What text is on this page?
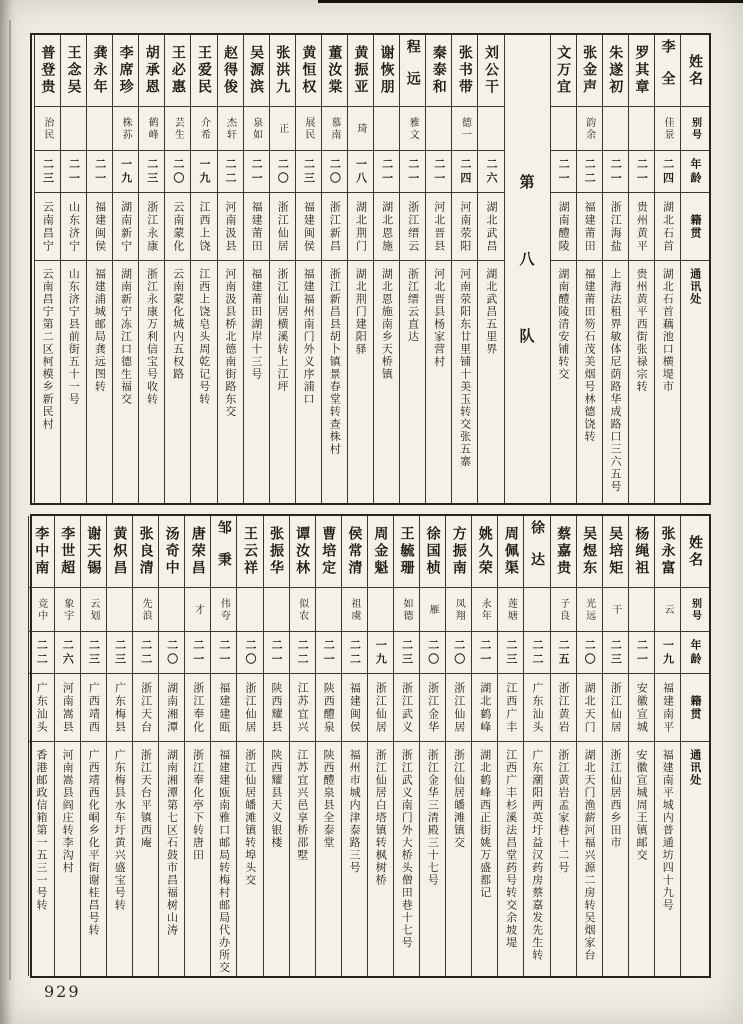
姓名
别号
年龄
籍贯
通讯处
李全
佳景
二四
湖北石首
湖北石首藕池口横堤市
罗其章
二一
贵州黄平
贵州黄平西街张禄宗转
朱遂初
二一
浙江海盐
上海法租界敏体尼荫路华成路口三六五号
张金声
韵余
二二
福建莆田
福建莆田笏石茂美烟号林德饶转
文万宜
二一
湖南醴陵
湖南醴陵清安铺转交
第八队
刘公干
二六
湖北武昌
湖北武昌五里界
张书带
德一
二四
河南荥阳
河南荥阳东廿里铺十美玉转交张五寨
秦泰和
二一
河北晋县
河北晋县杨家营村
程远
雅文
二一
浙江缙云
浙江缙云直达
谢恢朋
二一
湖北恩施
湖北恩施南乡天桥镇
黄振亚
琦
一八
湖北荆门
湖北荆门建阳驿
董汝棠
慕南
二〇
浙江新昌
浙江新昌县胡卜镇景春堂转查株村
黄恒权
展民
二三
福建闽侯
福建福州南门外义序浦口
张洪九
正
二〇
浙江仙居
浙江仙居横溪转上江坪
吴源滨
泉如
二一
福建莆田
福建莆田湖岸十三号
赵得俊
杰轩
二二
河南汲县
河南汲县桥北德南街路东交
王爱民
介希
一九
江西上饶
江西上饶皂头周乾记号转
王必惠
芸生
二〇
云南蒙化
云南蒙化城内五权路
胡承恩
鹤峰
二三
浙江永康
浙江永康万利信宝号收转
李席珍
株荪
一九
湖南新宁
湖南新宁冻江口德生福交
龚永年
二一
福建闽侯
福建浦城邮局龚远图转
王念吴
二一
山东济宁
山东济宁县前街五十一号
普登贵
治民
二三
云南昌宁
云南昌宁第二区柯模乡新民村
姓名
别号
年龄
籍贯
通讯处
张永富
云
一九
福建南平
福建南平城内普通坊四十九号
杨绳祖
二一
安徽宣城
安徽宣城周王镇邮交
吴培矩
干
二三
浙江仙居
浙江仙居西乡田市
吴煜东
光远
二〇
湖北天门
湖北天门渔薪河福兴源二房转吴烟家台
蔡嘉贵
子良
二五
浙江黄岩
浙江黄岩孟家巷十二号
徐达
二二
广东汕头
广东潮阳两英圩益汉药房蔡嘉发先生转
周佩渠
莲塘
二三
江西广丰
江西广丰杉溪法昌堂药号转交余坡堤
姚久荣
永年
二一
湖北鹤峰
湖北鹤峰西正街姚万盛都记
方振南
凤翔
二〇
浙江仙居
浙江仙居皤滩镇交
徐国桢
雁
二〇
浙江金华
浙江金华三清殿三十七号
王毓珊
如德
二三
浙江武义
浙江武义南门外大桥头僧田巷十七号
周金魁
一九
浙江仙居
浙江仙居白塔镇转枫树桥
侯常清
祖虞
二二
福建闽侯
福州市城内津泰路三号
曹培定
二一
陕西醴泉
陕西醴泉县全泰堂
谭汝林
似农
二二
江苏宜兴
江苏宜兴邑享桥邵墅
张振华
二一
陕西耀县
陕西耀县天义银楼
王云祥
二〇
浙江仙居
浙江仙居皤滩镇转埠头交
邹秉
伟夸
二一
福建建瓯
福建建瓯南雅口邮局转梅村邮局代办所交
唐荣昌
才
二一
浙江奉化
浙江奉化亭下转唐田
汤奇中
二〇
湖南湘潭
湖南湘潭第七区石鼓市昌福树山涛
张良清
先浪
二二
浙江天台
浙江天台平镇西庵
黄炽昌
二三
广东梅县
广东梅县水车圩黄兴盛宝号转
谢天锡
云划
二三
广西靖西
广西靖西化峒乡化平街谢桂昌号转
李世超
象宇
二六
河南嵩县
河南嵩县阎庄转李沟村
李中南
竞中
二二
广东汕头
香港邮政信箱第一五三一号转
929
